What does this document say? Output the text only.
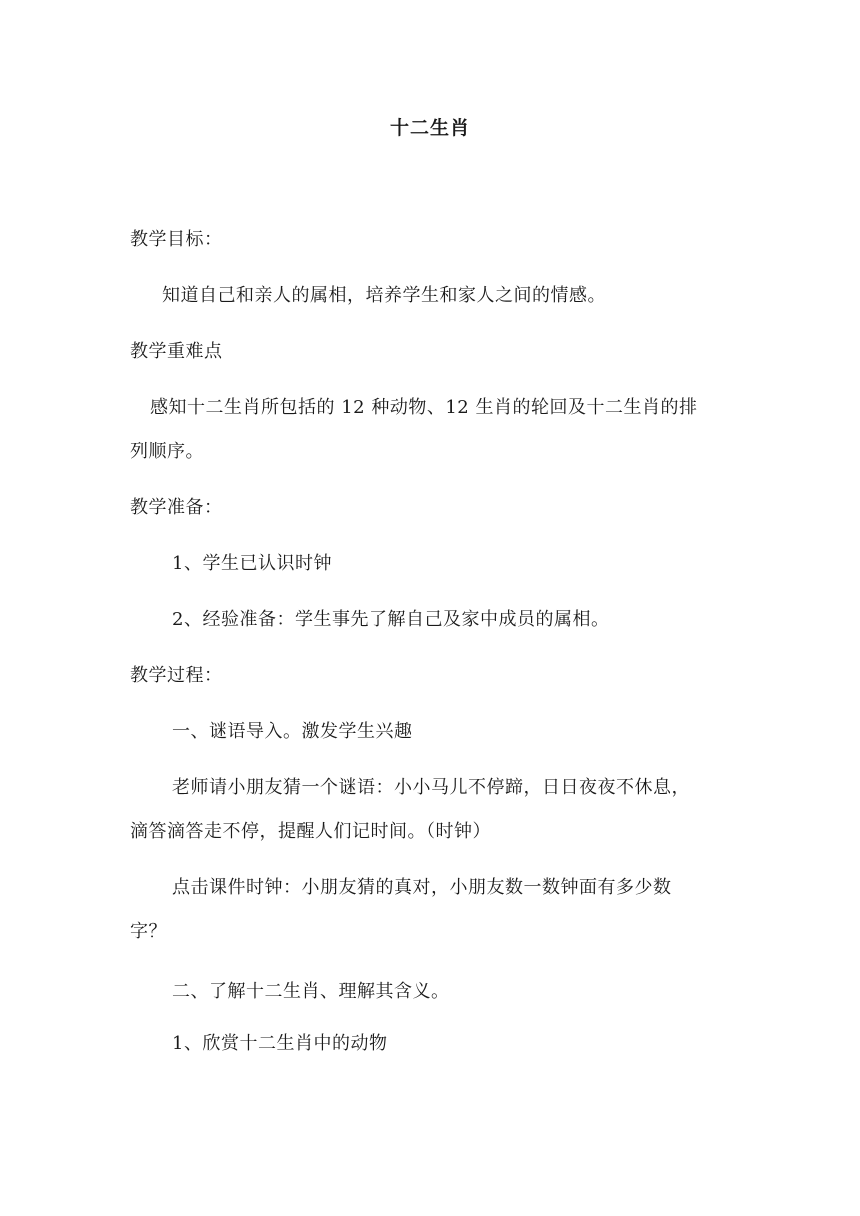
十二生肖
教学目标：
知道自己和亲人的属相，培养学生和家人之间的情感。
教学重难点
感知十二生肖所包括的 12 种动物、12 生肖的轮回及十二生肖的排
列顺序。
教学准备：
1、学生已认识时钟
2、经验准备：学生事先了解自己及家中成员的属相。
教学过程：
一、谜语导入。激发学生兴趣
老师请小朋友猜一个谜语：小小马儿不停蹄，日日夜夜不休息，
滴答滴答走不停，提醒人们记时间。（时钟）
点击课件时钟：小朋友猜的真对，小朋友数一数钟面有多少数
字？
二、了解十二生肖、理解其含义。
1、欣赏十二生肖中的动物
